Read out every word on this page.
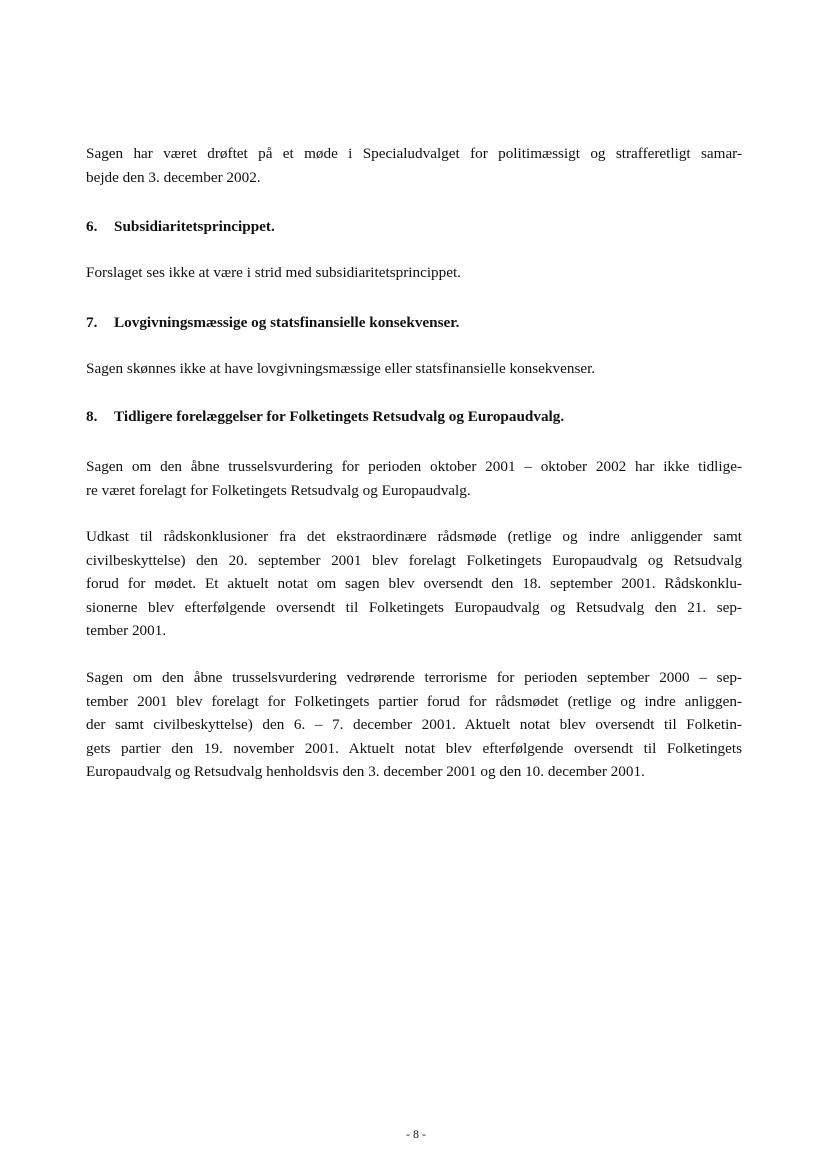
Sagen har været drøftet på et møde i Specialudvalget for politimæssigt og strafferetligt samar-
bejde den 3. december 2002.
6. Subsidiaritetsprincippet.
Forslaget ses ikke at være i strid med subsidiaritetsprincippet.
7. Lovgivningsmæssige og statsfinansielle konsekvenser.
Sagen skønnes ikke at have lovgivningsmæssige eller statsfinansielle konsekvenser.
8. Tidligere forelæggelser for Folketingets Retsudvalg og Europaudvalg.
Sagen om den åbne trusselsvurdering for perioden oktober 2001 – oktober 2002 har ikke tidlige-
re været forelagt for Folketingets Retsudvalg og Europaudvalg.
Udkast til rådskonklusioner fra det ekstraordinære rådsmøde (retlige og indre anliggender samt
civilbeskyttelse) den 20. september 2001 blev forelagt Folketingets Europaudvalg og Retsudvalg
forud for mødet. Et aktuelt notat om sagen blev oversendt den 18. september 2001. Rådskonklu-
sionerne blev efterfølgende oversendt til Folketingets Europaudvalg og Retsudvalg den 21. sep-
tember 2001.
Sagen om den åbne trusselsvurdering vedrørende terrorisme for perioden september 2000 – sep-
tember 2001 blev forelagt for Folketingets partier forud for rådsmødet (retlige og indre anliggen-
der samt civilbeskyttelse) den 6. – 7. december 2001. Aktuelt notat blev oversendt til Folketin-
gets partier den 19. november 2001. Aktuelt notat blev efterfølgende oversendt til Folketingets
Europaudvalg og Retsudvalg henholdsvis den 3. december 2001 og den 10. december 2001.
- 8 -
